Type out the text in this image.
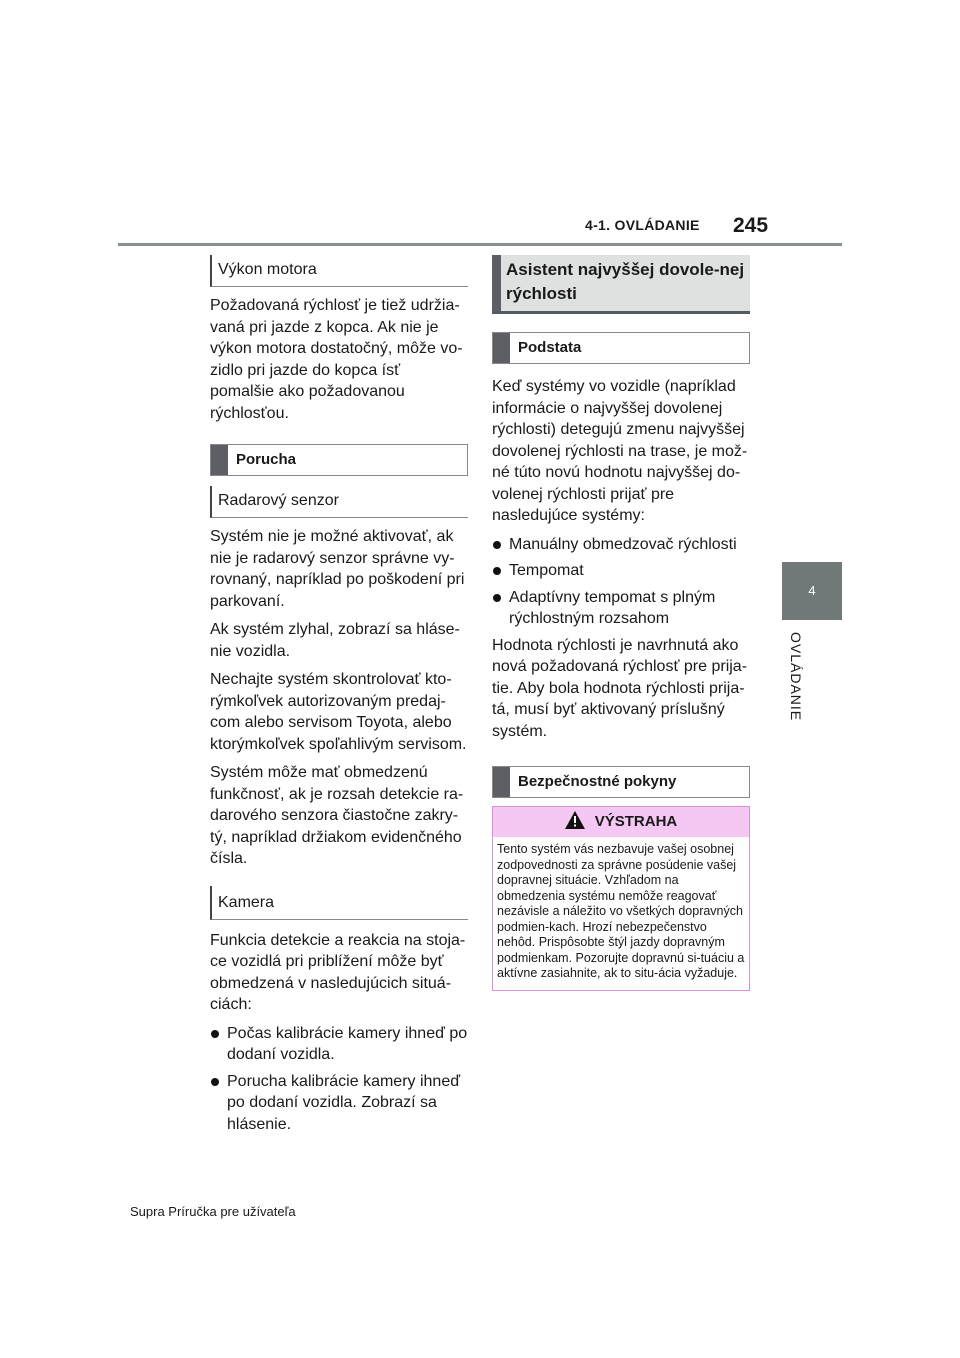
4-1. OVLÁDANIE 245
4
OVLÁDANIE
Výkon motora

Požadovaná rýchlosť je tiež udržia-vaná pri jazde z kopca. Ak nie je výkon motora dostatočný, môže vo-zidlo pri jazde do kopca ísť pomalšie ako požadovanou rýchlosťou.

Porucha
Radarový senzor

Systém nie je možné aktivovať, ak nie je radarový senzor správne vy-rovnaný, napríklad po poškodení pri parkovaní.

Ak systém zlyhal, zobrazí sa hláse-nie vozidla.

Nechajte systém skontrolovať kto-rýmkoľvek autorizovaným predaj-com alebo servisom Toyota, alebo ktorýmkoľvek spoľahlivým servisom.

Systém môže mať obmedzenú funkčnosť, ak je rozsah detekcie ra-darového senzora čiastočne zakry-tý, napríklad držiakom evidenčného čísla.

Kamera

Funkcia detekcie a reakcia na stoja-ce vozidlá pri priblížení môže byť obmedzená v nasledujúcich situá-ciách:

Počas kalibrácie kamery ihneď po dodaní vozidla.
Porucha kalibrácie kamery ihneď po dodaní vozidla. Zobrazí sa hlásenie.
Asistent najvyššej dovole-nej rýchlosti
Podstata

Keď systémy vo vozidle (napríklad informácie o najvyššej dovolenej rýchlosti) detegujú zmenu najvyššej dovolenej rýchlosti na trase, je mož-né túto novú hodnotu najvyššej do-volenej rýchlosti prijať pre nasledujúce systémy:

Manuálny obmedzovač rýchlosti
Tempomat
Adaptívny tempomat s plným rýchlostným rozsahom

Hodnota rýchlosti je navrhnutá ako nová požadovaná rýchlosť pre prija-tie. Aby bola hodnota rýchlosti prija-tá, musí byť aktivovaný príslušný systém.

Bezpečnostné pokyny
VÝSTRAHA
Tento systém vás nezbavuje vašej osobnej zodpovednosti za správne posúdenie vašej dopravnej situácie. Vzhľadom na obmedzenia systému nemôže reagovať nezávisle a náležito vo všetkých dopravných podmien-kach. Hrozí nebezpečenstvo nehôd. Prispôsobte štýl jazdy dopravným podmienkam. Pozorujte dopravnú si-tuáciu a aktívne zasiahnite, ak to situ-ácia vyžaduje.
Supra Príručka pre užívateľa
